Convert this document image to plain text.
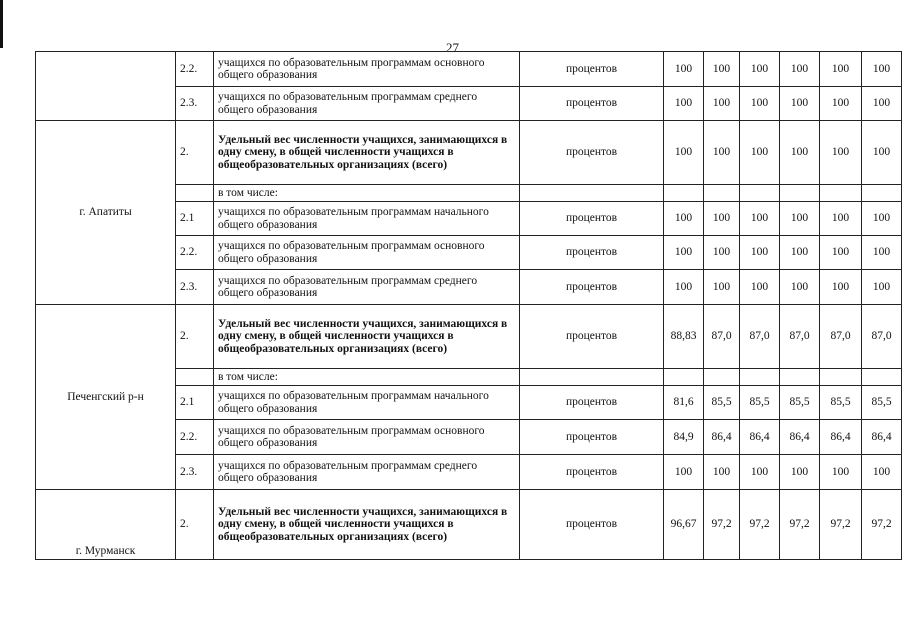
27
	2.2.	учащихся по образовательным программам основного общего образования	процентов	100	100	100	100	100	100
	2.3.	учащихся по образовательным программам среднего общего образования	процентов	100	100	100	100	100	100
г. Апатиты	2.	Удельный вес численности учащихся, занимающихся в одну смену, в общей численности учащихся в общеобразовательных организациях (всего)	процентов	100	100	100	100	100	100
		в том числе:							
	2.1	учащихся по образовательным программам начального общего образования	процентов	100	100	100	100	100	100
	2.2.	учащихся по образовательным программам основного общего образования	процентов	100	100	100	100	100	100
	2.3.	учащихся по образовательным программам среднего общего образования	процентов	100	100	100	100	100	100
Печенгский р-н	2.	Удельный вес численности учащихся, занимающихся в одну смену, в общей численности учащихся в общеобразовательных организациях (всего)	процентов	88,83	87,0	87,0	87,0	87,0	87,0
		в том числе:							
	2.1	учащихся по образовательным программам начального общего образования	процентов	81,6	85,5	85,5	85,5	85,5	85,5
	2.2.	учащихся по образовательным программам основного общего образования	процентов	84,9	86,4	86,4	86,4	86,4	86,4
	2.3.	учащихся по образовательным программам среднего общего образования	процентов	100	100	100	100	100	100
г. Мурманск	2.	Удельный вес численности учащихся, занимающихся в одну смену, в общей численности учащихся в общеобразовательных организациях (всего)	процентов	96,67	97,2	97,2	97,2	97,2	97,2
